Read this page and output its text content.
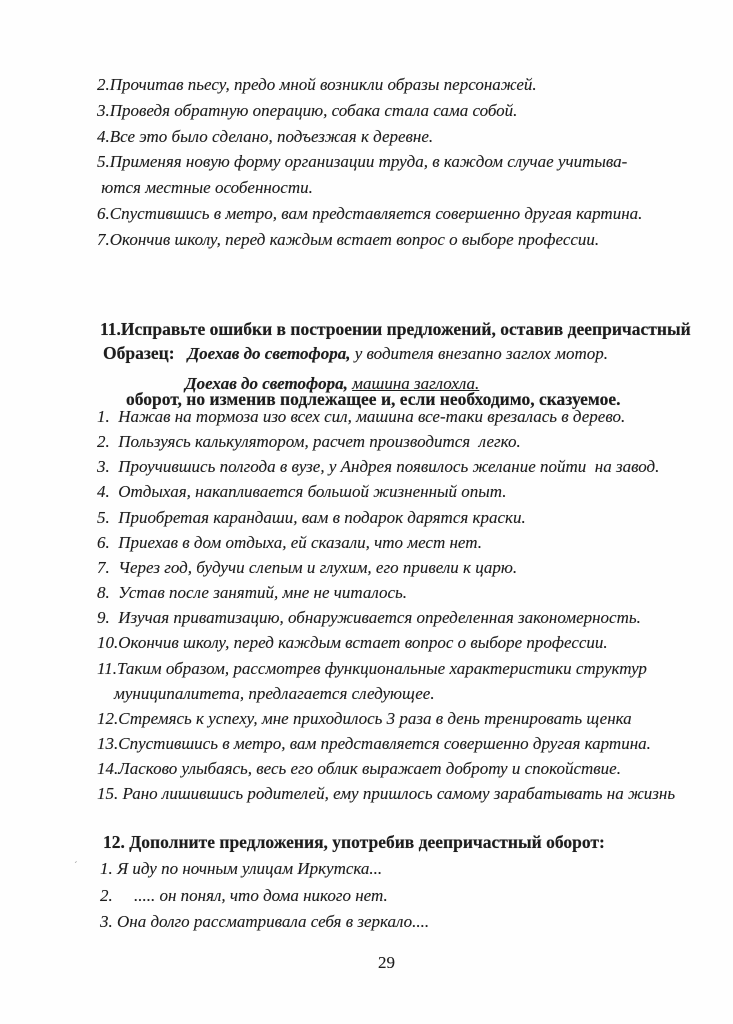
2.Прочитав пьесу, предо мной возникли образы персонажей.
3.Проведя обратную операцию, собака стала сама собой.
4.Все это было сделано, подъезжая к деревне.
5.Применяя новую форму организации труда, в каждом случае учитыва-
ются местные особенности.
6.Спустившись в метро, вам представляется совершенно другая картина.
7.Окончив школу, перед каждым встает вопрос о выборе профессии.

11.Исправьте ошибки в построении предложений, оставив деепричастный

оборот, но изменив подлежащее и, если необходимо, сказуемое.

Образец: Доехав до светофора, у водителя внезапно заглох мотор.
Доехав до светофора, машина заглохла.
1.  Нажав на тормоза изо всех сил, машина все-таки врезалась в дерево.
2.  Пользуясь калькулятором, расчет производится  легко.
3.  Проучившись полгода в вузе, у Андрея появилось желание пойти  на завод.
4.  Отдыхая, накапливается большой жизненный опыт.
5.  Приобретая карандаши, вам в подарок дарятся краски.
6.  Приехав в дом отдыха, ей сказали, что мест нет.
7.  Через год, будучи слепым и глухим, его привели к царю.
8.  Устав после занятий, мне не читалось.
9.  Изучая приватизацию, обнаруживается определенная закономерность.
10.Окончив школу, перед каждым встает вопрос о выборе профессии.
11.Таким образом, рассмотрев функциональные характеристики структур
муниципалитета, предлагается следующее.
12.Стремясь к успеху, мне приходилось 3 раза в день тренировать щенка
13.Спустившись в метро, вам представляется совершенно другая картина.
14.Ласково улыбаясь, весь его облик выражает доброту и спокойствие.
15. Рано лишившись родителей, ему пришлось самому зарабатывать на жизнь
12. Дополните предложения, употребив деепричастный оборот:
´ 1. Я иду по ночным улицам Иркутска...
2.     ..... он понял, что дома никого нет.
3. Она долго рассматривала себя в зеркало....
29
